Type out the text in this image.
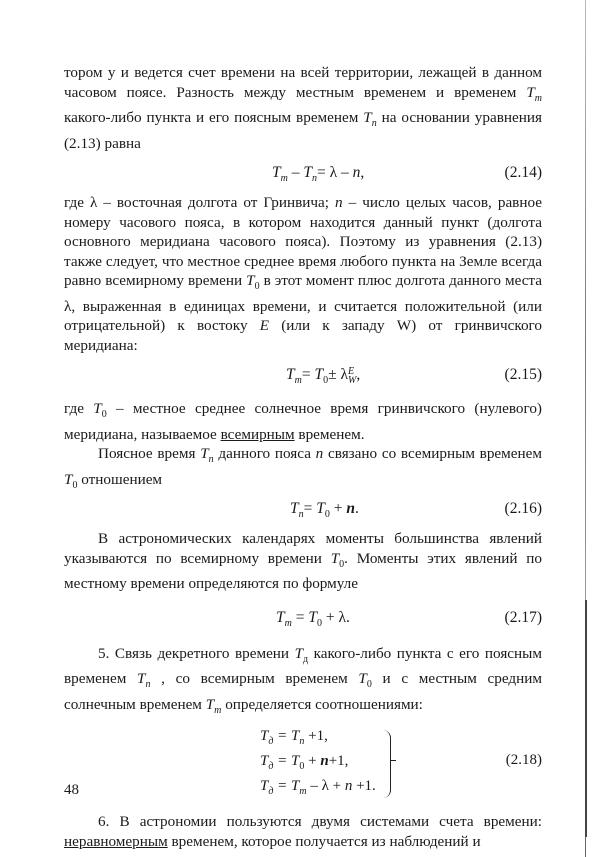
тором у и ведется счет времени на всей территории, лежащей в данном часовом поясе. Разность между местным временем и временем $T_m$ какого-либо пункта и его поясным временем $T_n$ на основании уравнения (2.13) равна

$T_m - T_n= \lambda - n$,	(2.14)

где λ – восточная долгота от Гринвича; n – число целых часов, равное номеру часового пояса, в котором находится данный пункт (долгота основного меридиана часового пояса). Поэтому из уравнения (2.13) также следует, что местное среднее время любого пункта на Земле всегда равно всемирному времени $T_0$ в этот момент плюс долгота данного места λ, выраженная в единицах времени, и считается положительной (или отрицательной) к востоку E (или к западу W) от гринвичского меридиана:

$T_m= T_0\pm \lambda E$
W,	(2.15)

где $T_0$ – местное среднее солнечное время гринвичского (нулевого) меридиана, называемое всемирным временем.

Поясное время $T_n$ данного пояса n связано со всемирным временем $T_0$ отношением

$T_n= T_0 + n$.	(2.16)

В астрономических календарях моменты большинства явлений указываются по всемирному времени $T_0$. Моменты этих явлений по местному времени определяются по формуле

$T_m = T_0 + \lambda$.	(2.17)

5. Связь декретного времени $T_д$ какого-либо пункта с его поясным временем $T_n$ , со всемирным временем $T_0$ и с местным средним солнечным временем $T_m$ определяется соотношениями:

$T_д = T_n +1$,
$T_д = T_0 + n+1$,
$T_д = T_m - \lambda + n +1$.
(2.18)

6. В астрономии пользуются двумя системами счета времени: неравномерным временем, которое получается из наблюдений и

48
